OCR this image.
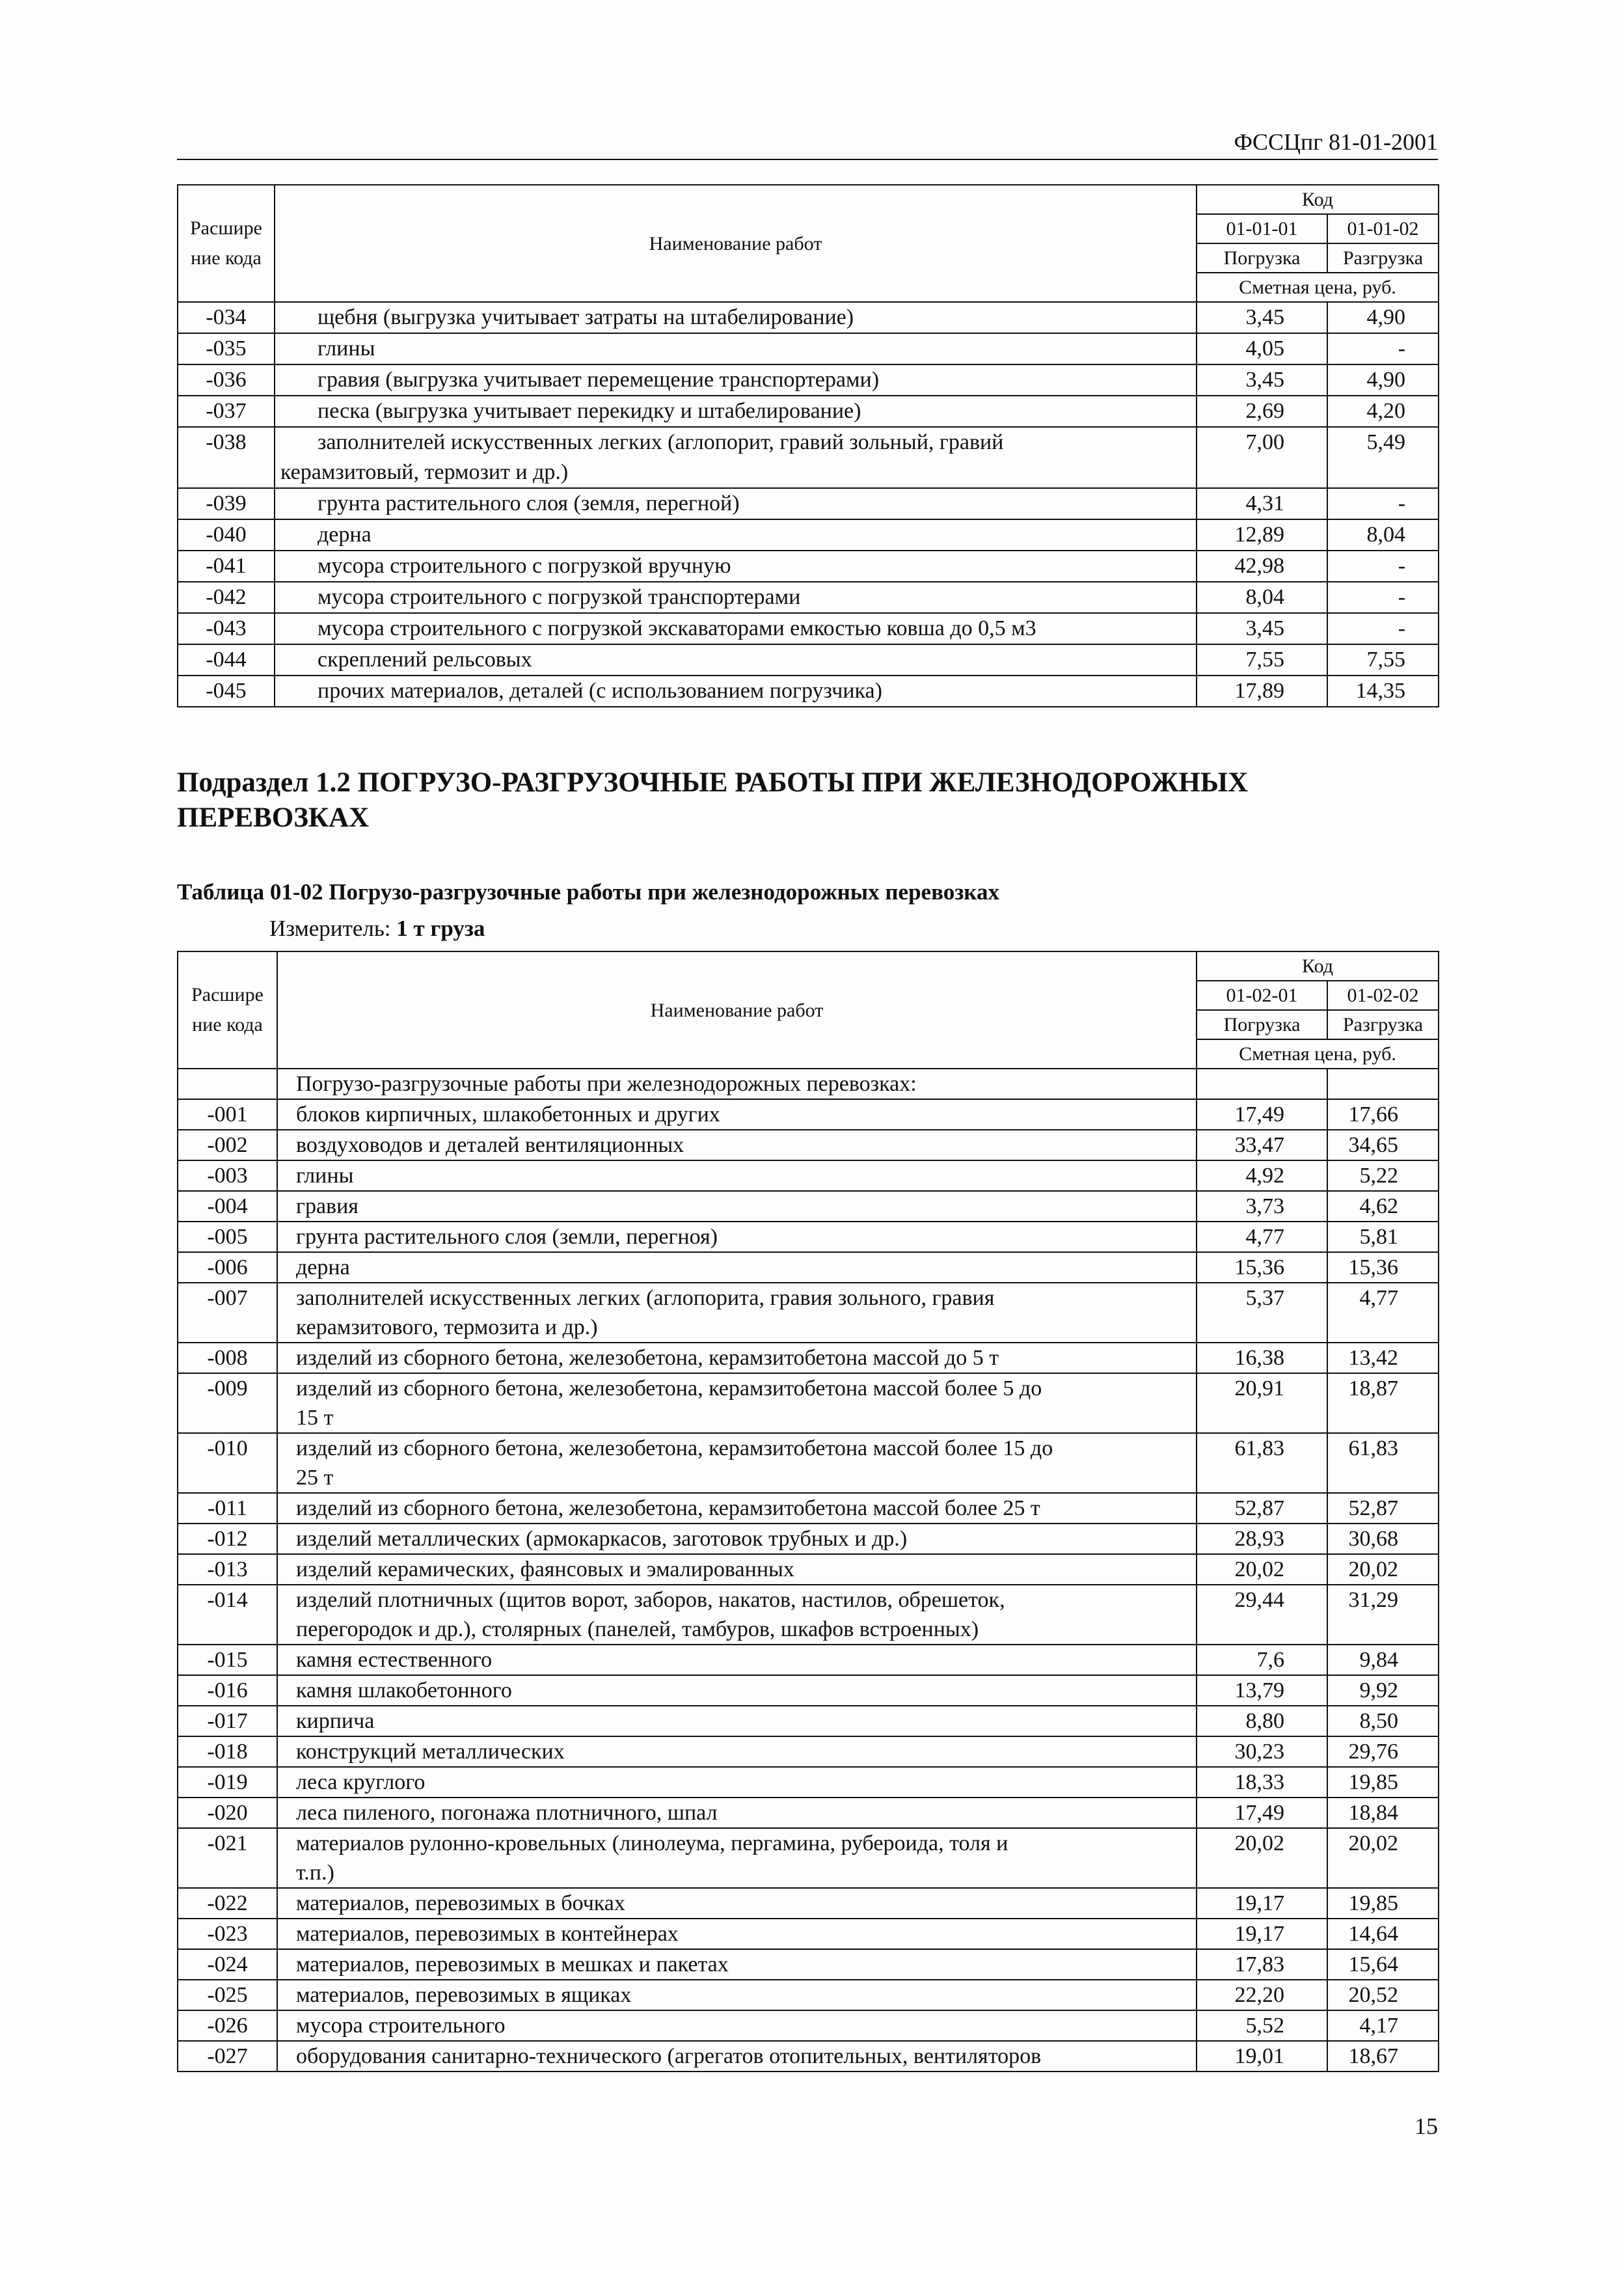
ФССЦпг 81-01-2001
Расшире
ние кода	Наименование работ	Код	
		01-01-01	01-01-02
		Погрузка	Разгрузка
		Сметная цена, руб.	
-034	щебня (выгрузка учитывает затраты на штабелирование)	3,45	4,90
-035	глины	4,05	-
-036	гравия (выгрузка учитывает перемещение транспортерами)	3,45	4,90
-037	песка (выгрузка учитывает перекидку и штабелирование)	2,69	4,20
-038	заполнителей искусственных легких (аглопорит, гравий зольный, гравий
керамзитовый, термозит и др.)	7,00	5,49
-039	грунта растительного слоя (земля, перегной)	4,31	-
-040	дерна	12,89	8,04
-041	мусора строительного с погрузкой вручную	42,98	-
-042	мусора строительного с погрузкой транспортерами	8,04	-
-043	мусора строительного с погрузкой экскаваторами емкостью ковша до 0,5 м3	3,45	-
-044	скреплений рельсовых	7,55	7,55
-045	прочих материалов, деталей (с использованием погрузчика)	17,89	14,35
Подраздел 1.2 ПОГРУЗО-РАЗГРУЗОЧНЫЕ РАБОТЫ ПРИ ЖЕЛЕЗНОДОРОЖНЫХ
ПЕРЕВОЗКАХ
Таблица 01-02 Погрузо-разгрузочные работы при железнодорожных перевозках
Измеритель: 1 т груза
Расшире
ние кода	Наименование работ	Код	
		01-02-01	01-02-02
		Погрузка	Разгрузка
		Сметная цена, руб.	

	Погрузо-разгрузочные работы при железнодорожных перевозках:		

-001	блоков кирпичных, шлакобетонных и других	17,49	17,66
-002	воздуховодов и деталей вентиляционных	33,47	34,65
-003	глины	4,92	5,22
-004	гравия	3,73	4,62
-005	грунта растительного слоя (земли, перегноя)	4,77	5,81
-006	дерна	15,36	15,36
-007	заполнителей искусственных легких (аглопорита, гравия зольного, гравия
керамзитового, термозита и др.)	5,37	4,77
-008	изделий из сборного бетона, железобетона, керамзитобетона массой до 5 т	16,38	13,42
-009	изделий из сборного бетона, железобетона, керамзитобетона массой более 5 до
15 т	20,91	18,87
-010	изделий из сборного бетона, железобетона, керамзитобетона массой более 15 до
25 т	61,83	61,83
-011	изделий из сборного бетона, железобетона, керамзитобетона массой более 25 т	52,87	52,87
-012	изделий металлических (армокаркасов, заготовок трубных и др.)	28,93	30,68
-013	изделий керамических, фаянсовых и эмалированных	20,02	20,02
-014	изделий плотничных (щитов ворот, заборов, накатов, настилов, обрешеток,
перегородок и др.), столярных (панелей, тамбуров, шкафов встроенных)	29,44	31,29
-015	камня естественного	7,6	9,84
-016	камня шлакобетонного	13,79	9,92
-017	кирпича	8,80	8,50
-018	конструкций металлических	30,23	29,76
-019	леса круглого	18,33	19,85
-020	леса пиленого, погонажа плотничного, шпал	17,49	18,84
-021	материалов рулонно-кровельных (линолеума, пергамина, рубероида, толя и
т.п.)	20,02	20,02
-022	материалов, перевозимых в бочках	19,17	19,85
-023	материалов, перевозимых в контейнерах	19,17	14,64
-024	материалов, перевозимых в мешках и пакетах	17,83	15,64
-025	материалов, перевозимых в ящиках	22,20	20,52
-026	мусора строительного	5,52	4,17
-027	оборудования санитарно-технического (агрегатов отопительных, вентиляторов	19,01	18,67
15
